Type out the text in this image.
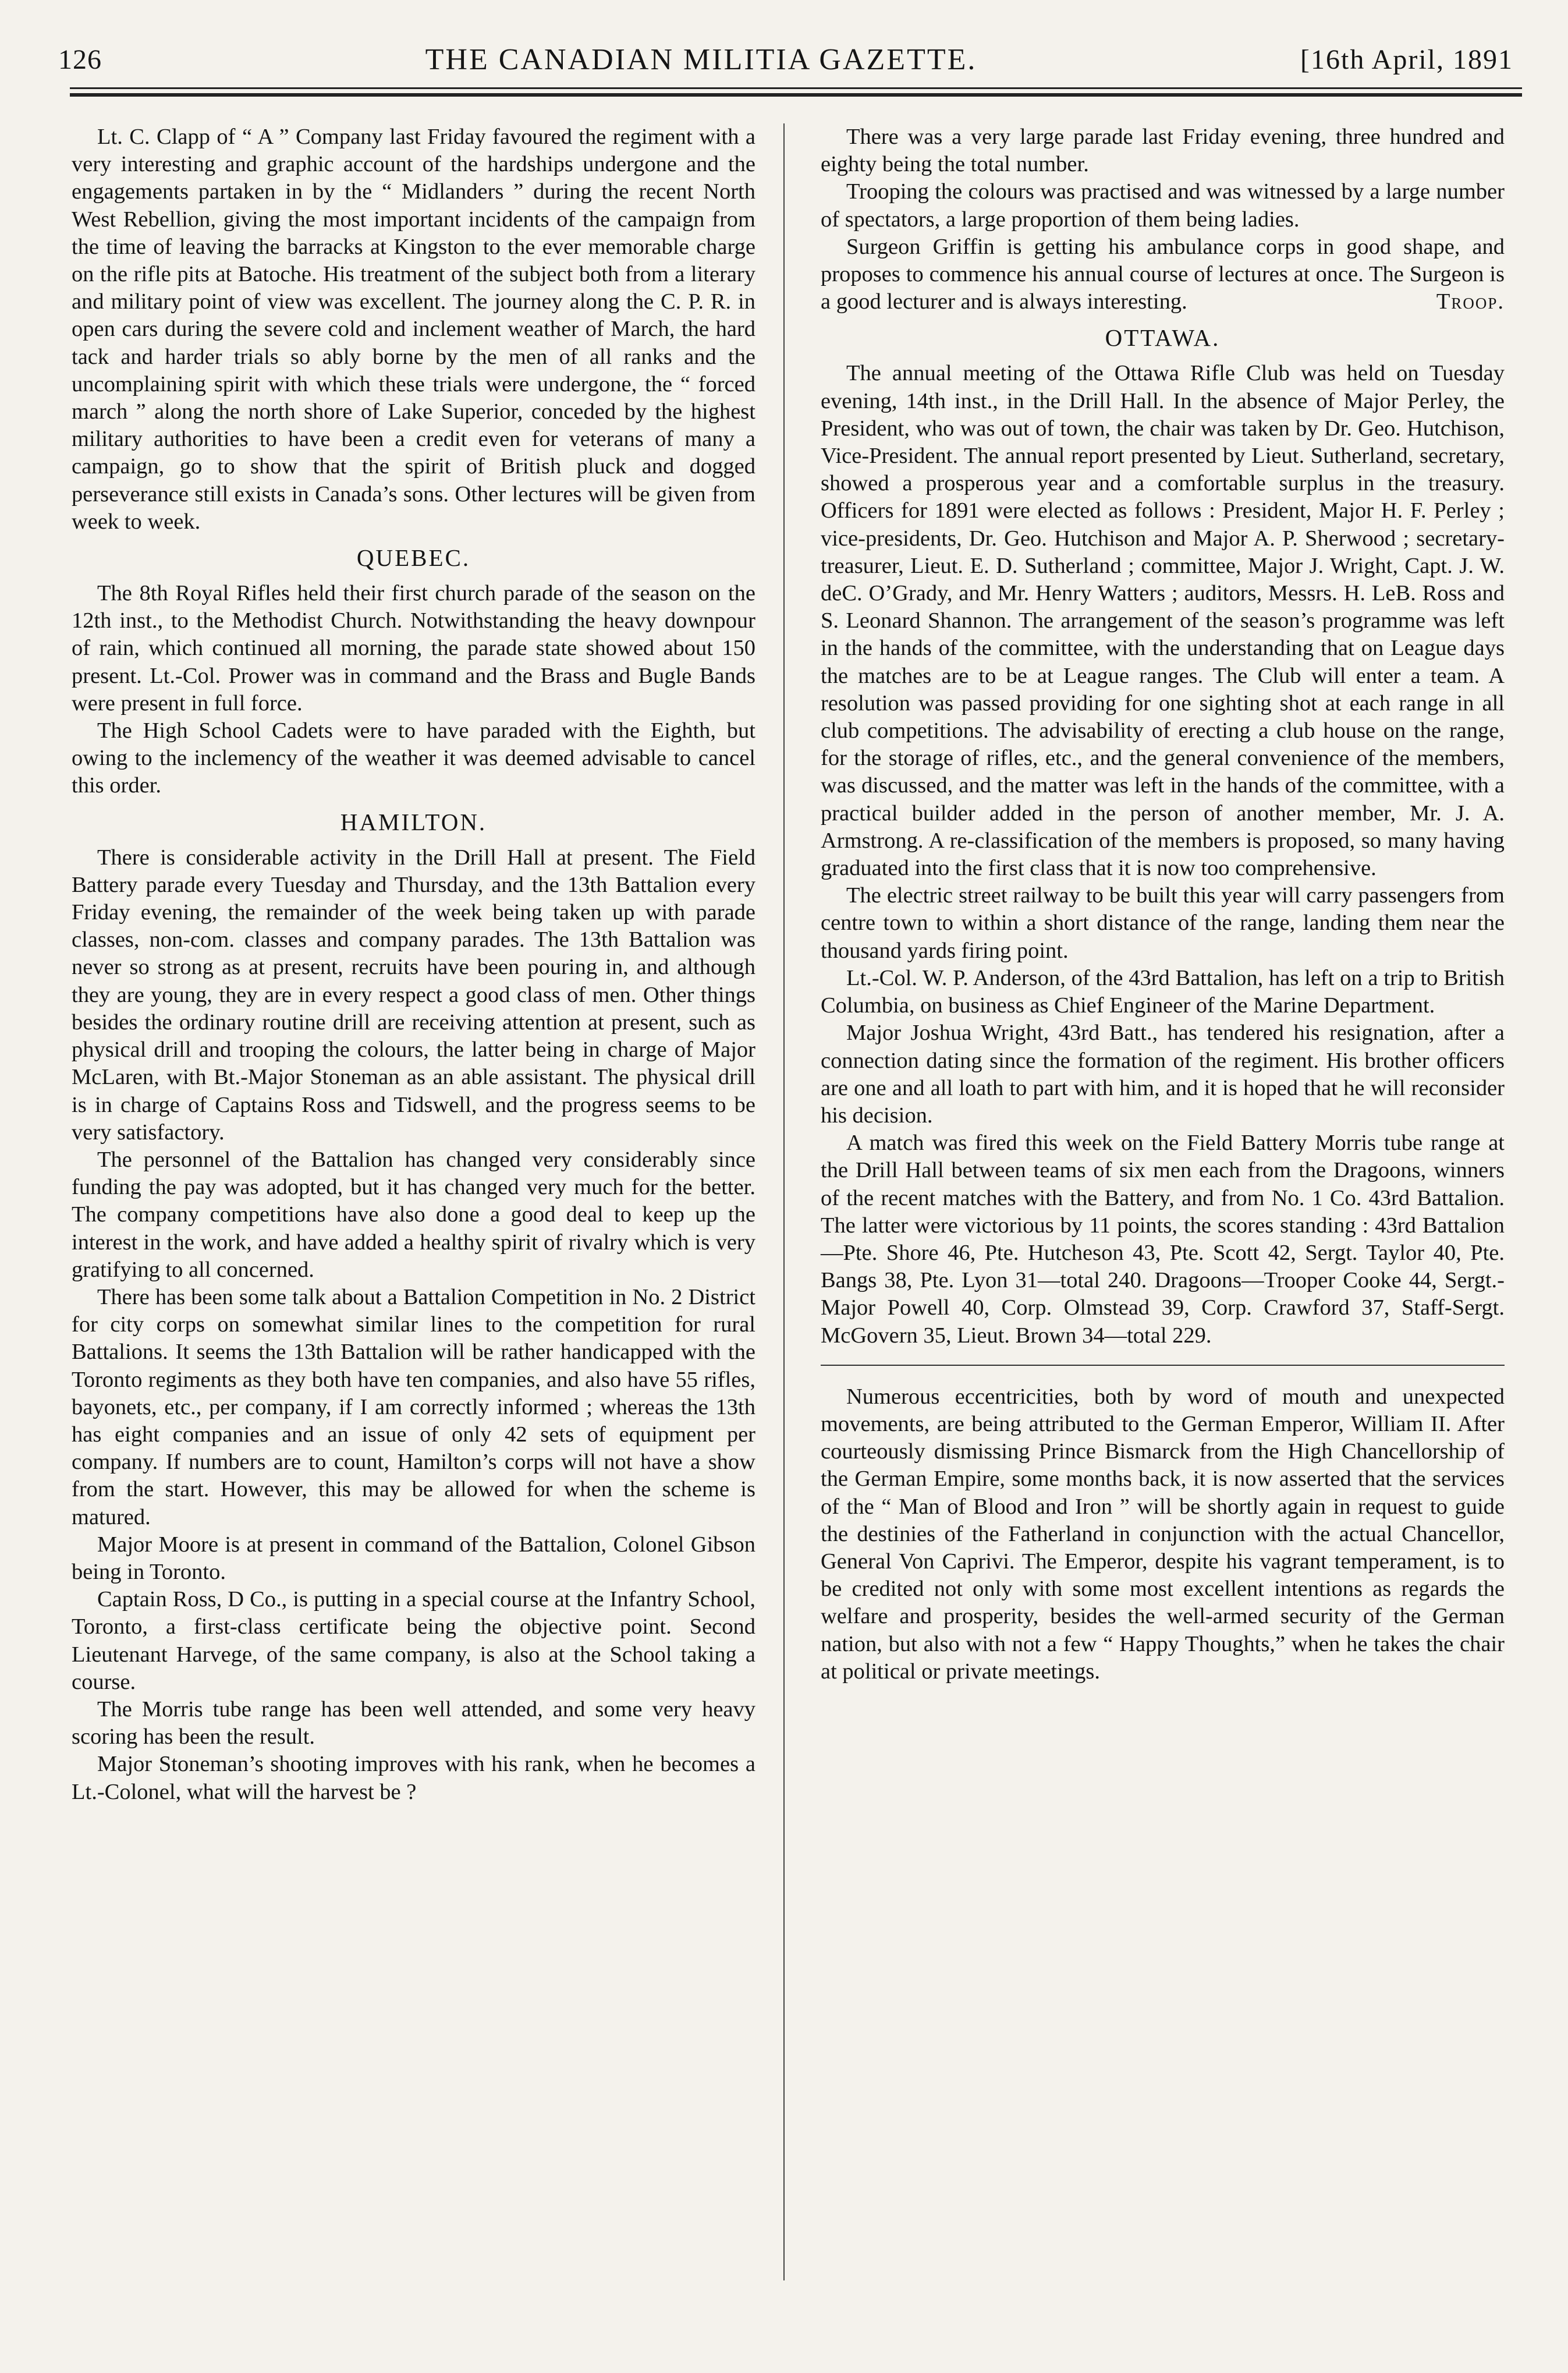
126	THE CANADIAN MILITIA GAZETTE.	[16th April, 1891

Lt. C. Clapp of “ A ” Company last Friday favoured the regiment with a very interesting and graphic account of the hardships undergone and the engagements partaken in by the “ Midlanders ” during the recent North West Rebellion, giving the most important incidents of the campaign from the time of leaving the barracks at Kingston to the ever memorable charge on the rifle pits at Batoche. His treatment of the subject both from a literary and military point of view was excellent. The journey along the C. P. R. in open cars during the severe cold and inclement weather of March, the hard tack and harder trials so ably borne by the men of all ranks and the uncomplaining spirit with which these trials were undergone, the “ forced march ” along the north shore of Lake Superior, conceded by the highest military authorities to have been a credit even for veterans of many a campaign, go to show that the spirit of British pluck and dogged perseverance still exists in Canada’s sons. Other lectures will be given from week to week.

QUEBEC.

The 8th Royal Rifles held their first church parade of the season on the 12th inst., to the Methodist Church. Notwithstanding the heavy downpour of rain, which continued all morning, the parade state showed about 150 present. Lt.-Col. Prower was in command and the Brass and Bugle Bands were present in full force.

The High School Cadets were to have paraded with the Eighth, but owing to the inclemency of the weather it was deemed advisable to cancel this order.

HAMILTON.

There is considerable activity in the Drill Hall at present. The Field Battery parade every Tuesday and Thursday, and the 13th Battalion every Friday evening, the remainder of the week being taken up with parade classes, non-com. classes and company parades. The 13th Battalion was never so strong as at present, recruits have been pouring in, and although they are young, they are in every respect a good class of men. Other things besides the ordinary routine drill are receiving attention at present, such as physical drill and trooping the colours, the latter being in charge of Major McLaren, with Bt.-Major Stoneman as an able assistant. The physical drill is in charge of Captains Ross and Tidswell, and the progress seems to be very satisfactory.

The personnel of the Battalion has changed very considerably since funding the pay was adopted, but it has changed very much for the better. The company competitions have also done a good deal to keep up the interest in the work, and have added a healthy spirit of rivalry which is very gratifying to all concerned.

There has been some talk about a Battalion Competition in No. 2 District for city corps on somewhat similar lines to the competition for rural Battalions. It seems the 13th Battalion will be rather handicapped with the Toronto regiments as they both have ten companies, and also have 55 rifles, bayonets, etc., per company, if I am correctly informed ; whereas the 13th has eight companies and an issue of only 42 sets of equipment per company. If numbers are to count, Hamilton’s corps will not have a show from the start. However, this may be allowed for when the scheme is matured.

Major Moore is at present in command of the Battalion, Colonel Gibson being in Toronto.

Captain Ross, D Co., is putting in a special course at the Infantry School, Toronto, a first-class certificate being the objective point. Second Lieutenant Harvege, of the same company, is also at the School taking a course.

The Morris tube range has been well attended, and some very heavy scoring has been the result.

Major Stoneman’s shooting improves with his rank, when he becomes a Lt.-Colonel, what will the harvest be ?

There was a very large parade last Friday evening, three hundred and eighty being the total number.

Trooping the colours was practised and was witnessed by a large number of spectators, a large proportion of them being ladies.

Surgeon Griffin is getting his ambulance corps in good shape, and proposes to commence his annual course of lectures at once. The Surgeon is a good lecturer and is always interesting.	Troop.

OTTAWA.

The annual meeting of the Ottawa Rifle Club was held on Tuesday evening, 14th inst., in the Drill Hall. In the absence of Major Perley, the President, who was out of town, the chair was taken by Dr. Geo. Hutchison, Vice-President. The annual report presented by Lieut. Sutherland, secretary, showed a prosperous year and a comfortable surplus in the treasury. Officers for 1891 were elected as follows : President, Major H. F. Perley ; vice-presidents, Dr. Geo. Hutchison and Major A. P. Sherwood ; secretary-treasurer, Lieut. E. D. Sutherland ; committee, Major J. Wright, Capt. J. W. deC. O’Grady, and Mr. Henry Watters ; auditors, Messrs. H. LeB. Ross and S. Leonard Shannon. The arrangement of the season’s programme was left in the hands of the committee, with the understanding that on League days the matches are to be at League ranges. The Club will enter a team. A resolution was passed providing for one sighting shot at each range in all club competitions. The advisability of erecting a club house on the range, for the storage of rifles, etc., and the general convenience of the members, was discussed, and the matter was left in the hands of the committee, with a practical builder added in the person of another member, Mr. J. A. Armstrong. A re-classification of the members is proposed, so many having graduated into the first class that it is now too comprehensive.

The electric street railway to be built this year will carry passengers from centre town to within a short distance of the range, landing them near the thousand yards firing point.

Lt.-Col. W. P. Anderson, of the 43rd Battalion, has left on a trip to British Columbia, on business as Chief Engineer of the Marine Department.

Major Joshua Wright, 43rd Batt., has tendered his resignation, after a connection dating since the formation of the regiment. His brother officers are one and all loath to part with him, and it is hoped that he will reconsider his decision.

A match was fired this week on the Field Battery Morris tube range at the Drill Hall between teams of six men each from the Dragoons, winners of the recent matches with the Battery, and from No. 1 Co. 43rd Battalion. The latter were victorious by 11 points, the scores standing : 43rd Battalion—Pte. Shore 46, Pte. Hutcheson 43, Pte. Scott 42, Sergt. Taylor 40, Pte. Bangs 38, Pte. Lyon 31—total 240. Dragoons—Trooper Cooke 44, Sergt.-Major Powell 40, Corp. Olmstead 39, Corp. Crawford 37, Staff-Sergt. McGovern 35, Lieut. Brown 34—total 229.

Numerous eccentricities, both by word of mouth and unexpected movements, are being attributed to the German Emperor, William II. After courteously dismissing Prince Bismarck from the High Chancellorship of the German Empire, some months back, it is now asserted that the services of the “ Man of Blood and Iron ” will be shortly again in request to guide the destinies of the Fatherland in conjunction with the actual Chancellor, General Von Caprivi. The Emperor, despite his vagrant temperament, is to be credited not only with some most excellent intentions as regards the welfare and prosperity, besides the well-armed security of the German nation, but also with not a few “ Happy Thoughts,” when he takes the chair at political or private meetings.
